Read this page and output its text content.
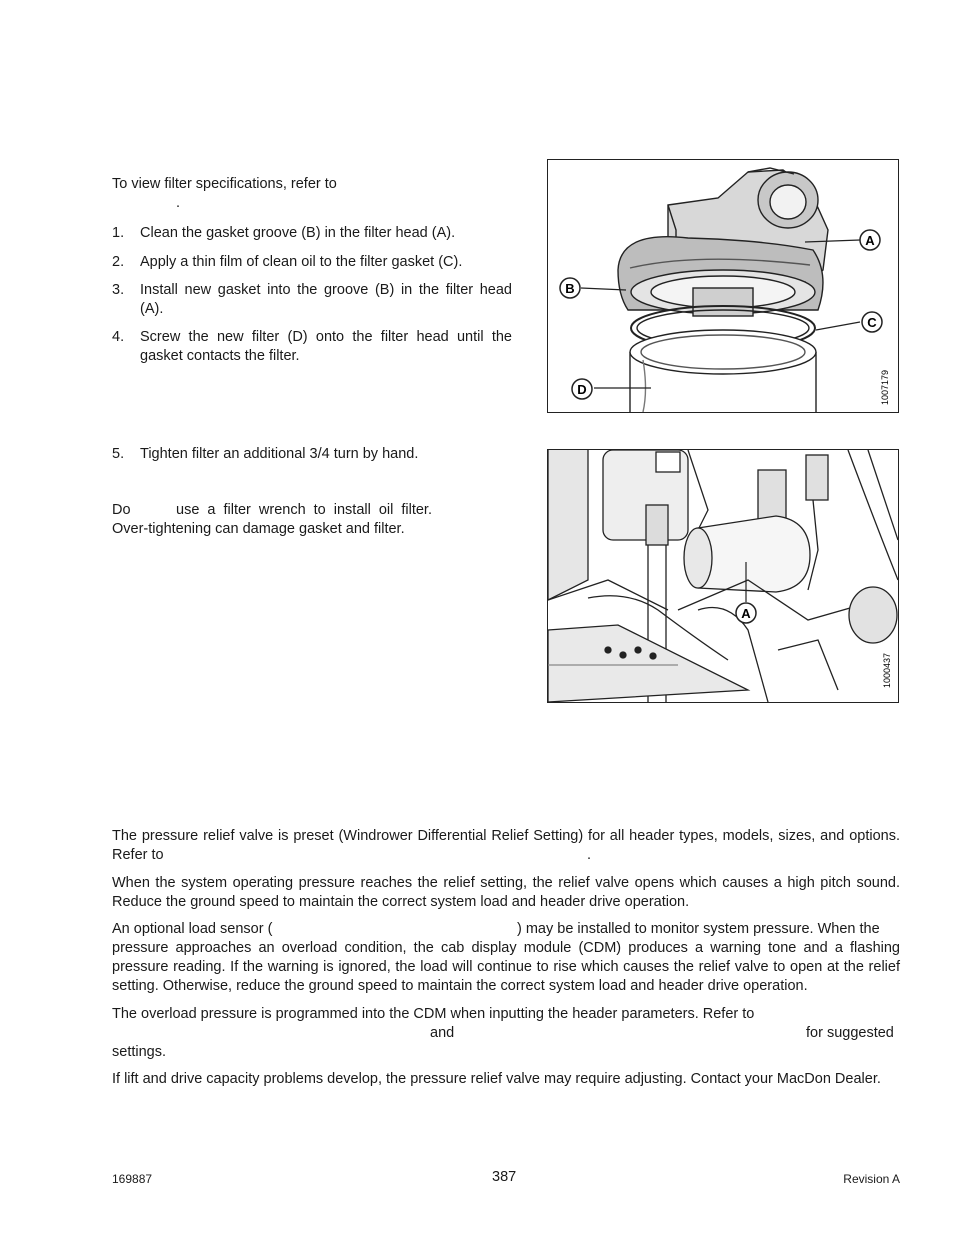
To view filter specifications, refer to

.

1. Clean the gasket groove (B) in the filter head (A).

2. Apply a thin film of clean oil to the filter gasket (C).

3. Install new gasket into the groove (B) in the filter head (A).

4. Screw the new filter (D) onto the filter head until the gasket contacts the filter.

5. Tighten filter an additional 3/4 turn by hand.

Do	use a filter wrench to install oil filter.

Over-tightening can damage gasket and filter.

A
B
C
D	1007179
A
1000437

The pressure relief valve is preset (Windrower Differential Relief Setting) for all header types, models, sizes, and options. Refer to	.

When the system operating pressure reaches the relief setting, the relief valve opens which causes a high pitch sound. Reduce the ground speed to maintain the correct system load and header drive operation.

An optional load sensor (	) may be installed to monitor system pressure. When the

pressure approaches an overload condition, the cab display module (CDM) produces a warning tone and a flashing pressure reading. If the warning is ignored, the load will continue to rise which causes the relief valve to open at the relief setting. Otherwise, reduce the ground speed to maintain the correct system load and header drive operation.

The overload pressure is programmed into the CDM when inputting the header parameters. Refer to

and	for suggested
settings.

If lift and drive capacity problems develop, the pressure relief valve may require adjusting. Contact your MacDon Dealer.

169887	387	Revision A
